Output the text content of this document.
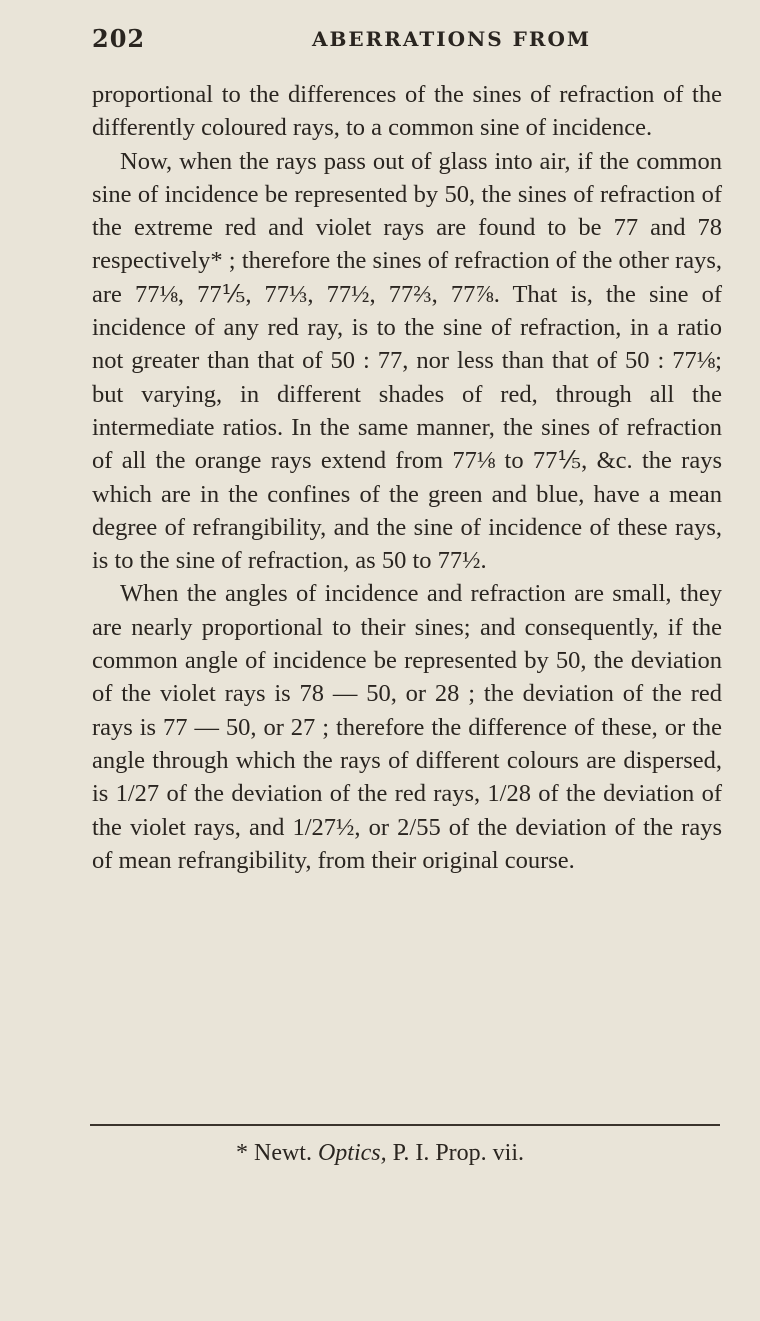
202	ABERRATIONS FROM

proportional to the differences of the sines of refraction of the differently coloured rays, to a common sine of incidence.

Now, when the rays pass out of glass into air, if the common sine of incidence be represented by 50, the sines of refraction of the extreme red and violet rays are found to be 77 and 78 respectively* ; therefore the sines of refraction of the other rays, are 77⅛, 77⅕, 77⅓, 77½, 77⅔, 77⅞. That is, the sine of incidence of any red ray, is to the sine of refraction, in a ratio not greater than that of 50 : 77, nor less than that of 50 : 77⅛; but varying, in different shades of red, through all the intermediate ratios. In the same manner, the sines of refraction of all the orange rays extend from 77⅛ to 77⅕, &c. the rays which are in the confines of the green and blue, have a mean degree of refrangibility, and the sine of incidence of these rays, is to the sine of refraction, as 50 to 77½.

When the angles of incidence and refraction are small, they are nearly proportional to their sines; and consequently, if the common angle of incidence be represented by 50, the deviation of the violet rays is 78 — 50, or 28 ; the deviation of the red rays is 77 — 50, or 27 ; therefore the difference of these, or the angle through which the rays of different colours are dispersed, is 1/27 of the deviation of the red rays, 1/28 of the deviation of the violet rays, and 1/27½, or 2/55 of the deviation of the rays of mean refrangibility, from their original course.

* Newt. Optics, P. I. Prop. vii.
